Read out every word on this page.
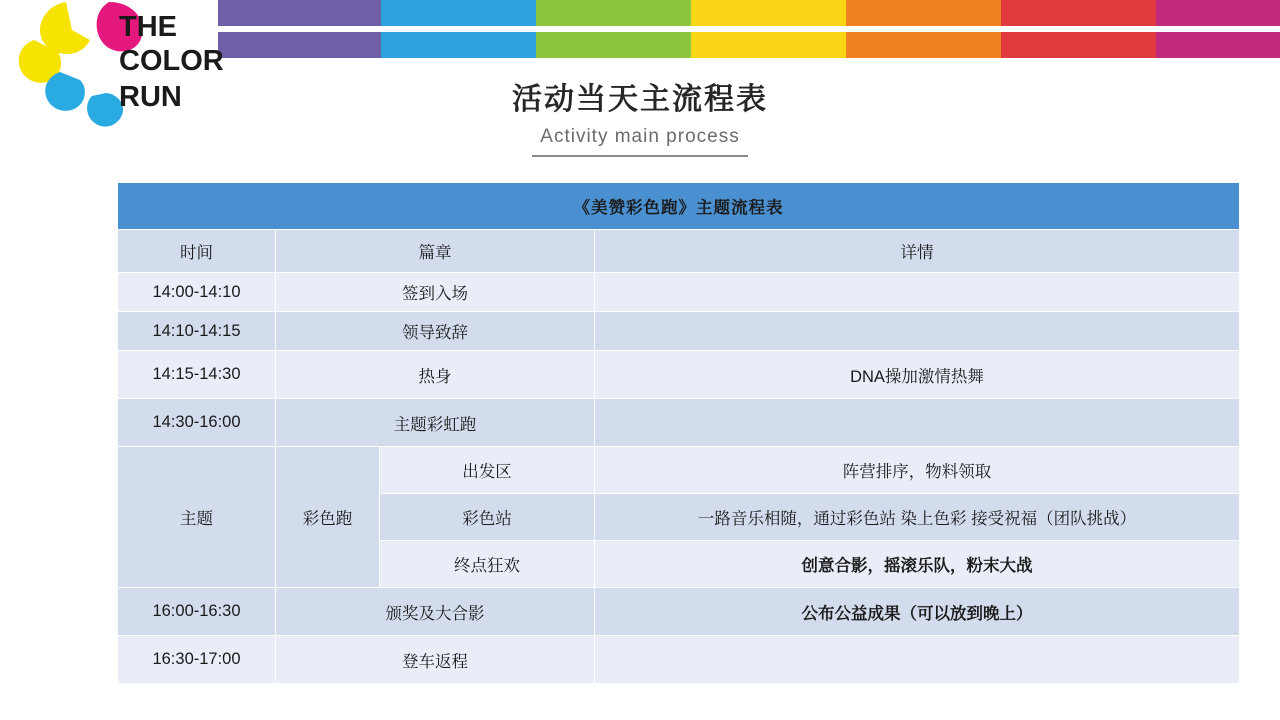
THE
COLOR
RUN	活动当天主流程表
Activity main process
《美赞彩色跑》主题流程表			
时间	篇章		详情
14:00-14:10	签到入场		
14:10-14:15	领导致辞		
14:15-14:30	热身		DNA操加激情热舞
14:30-16:00	主题彩虹跑		
主题	彩色跑	出发区	阵营排序，物料领取
		彩色站	一路音乐相随，通过彩色站 染上色彩 接受祝福（团队挑战）
		终点狂欢	创意合影，摇滚乐队，粉末大战
16:00-16:30	颁奖及大合影		公布公益成果（可以放到晚上）
16:30-17:00	登车返程		
